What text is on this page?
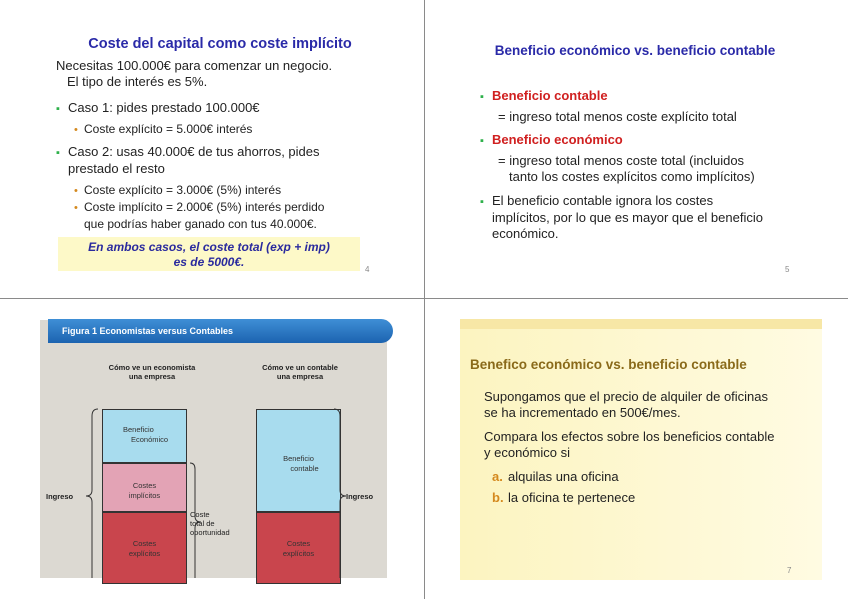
Coste del capital como coste implícito
Necesitas 100.000€ para comenzar un negocio.
El tipo de interés es 5%.
▪ Caso 1: pides prestado 100.000€
• Coste explícito = 5.000€ interés
▪ Caso 2: usas 40.000€ de tus ahorros, pides
prestado el resto
• Coste explícito = 3.000€ (5%) interés
• Coste implícito = 2.000€ (5%) interés perdido
que podrías haber ganado con tus 40.000€.
En ambos casos, el coste total (exp + imp)
es de 5000€.
4
Beneficio económico vs. beneficio contable
▪ Beneficio contable
= ingreso total menos coste explícito total
▪ Beneficio económico
= ingreso total menos coste total (incluidos
tanto los costes explícitos como implícitos)
▪ El beneficio contable ignora los costes
implícitos, por lo que es mayor que el beneficio
económico.
5
Figura 1 Economistas versus Contables
Cómo ve un economista
una empresa
Cómo ve un contable
una empresa
Beneficio
Económico
Costes
implícitos
Costes
explícitos
Beneficio
contable
Costes
explícitos
Ingreso	Ingreso
Coste
total de
oportunidad
Benefico económico vs. beneficio contable
Supongamos que el precio de alquiler de oficinas
se ha incrementado en 500€/mes.
Compara los efectos sobre los beneficios contable
y económico si
a. alquilas una oficina
b. la oficina te pertenece
7
